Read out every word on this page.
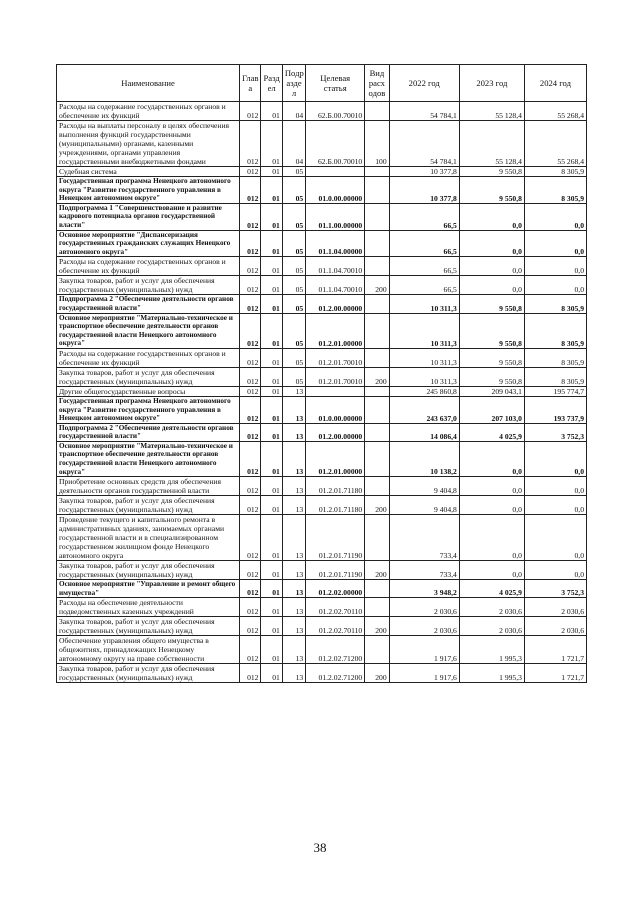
Наименование	Глав а	Разд ел	Подр азде л	Целевая статья	Вид расх одов	2022 год	2023 год	2024 год
Расходы на содержание государственных органов и обеспечение их функций	012	01	04	62.Б.00.70010		54 784,1	55 128,4	55 268,4
Расходы на выплаты персоналу в целях обеспечения выполнения функций государственными (муниципальными) органами, казенными учреждениями, органами управления государственными внебюджетными фондами	012	01	04	62.Б.00.70010	100	54 784,1	55 128,4	55 268,4
Судебная система	012	01	05			10 377,8	9 550,8	8 305,9
Государственная программа Ненецкого автономного округа "Развитие государственного управления в Ненецком автономном округе"	012	01	05	01.0.00.00000		10 377,8	9 550,8	8 305,9
Подпрограмма 1 "Совершенствование и развитие кадрового потенциала органов государственной власти"	012	01	05	01.1.00.00000		66,5	0,0	0,0
Основное мероприятие "Диспансеризация государственных гражданских служащих Ненецкого автономного округа"	012	01	05	01.1.04.00000		66,5	0,0	0,0
Расходы на содержание государственных органов и обеспечение их функций	012	01	05	01.1.04.70010		66,5	0,0	0,0
Закупка товаров, работ и услуг для обеспечения государственных (муниципальных) нужд	012	01	05	01.1.04.70010	200	66,5	0,0	0,0
Подпрограмма 2 "Обеспечение деятельности органов государственной власти"	012	01	05	01.2.00.00000		10 311,3	9 550,8	8 305,9
Основное мероприятие "Материально-техническое и транспортное обеспечение деятельности органов государственной власти Ненецкого автономного округа"	012	01	05	01.2.01.00000		10 311,3	9 550,8	8 305,9
Расходы на содержание государственных органов и обеспечение их функций	012	01	05	01.2.01.70010		10 311,3	9 550,8	8 305,9
Закупка товаров, работ и услуг для обеспечения государственных (муниципальных) нужд	012	01	05	01.2.01.70010	200	10 311,3	9 550,8	8 305,9
Другие общегосударственные вопросы	012	01	13			245 860,8	209 043,1	195 774,7
Государственная программа Ненецкого автономного округа "Развитие государственного управления в Ненецком автономном округе"	012	01	13	01.0.00.00000		243 637,0	207 103,0	193 737,9
Подпрограмма 2 "Обеспечение деятельности органов государственной власти"	012	01	13	01.2.00.00000		14 086,4	4 025,9	3 752,3
Основное мероприятие "Материально-техническое и транспортное обеспечение деятельности органов государственной власти Ненецкого автономного округа"	012	01	13	01.2.01.00000		10 138,2	0,0	0,0
Приобретение основных средств для обеспечения деятельности органов государственной власти	012	01	13	01.2.01.71180		9 404,8	0,0	0,0
Закупка товаров, работ и услуг для обеспечения государственных (муниципальных) нужд	012	01	13	01.2.01.71180	200	9 404,8	0,0	0,0
Проведение текущего и капитального ремонта в административных зданиях, занимаемых органами государственной власти и в специализированном государственном жилищном фонде Ненецкого автономного округа	012	01	13	01.2.01.71190		733,4	0,0	0,0
Закупка товаров, работ и услуг для обеспечения государственных (муниципальных) нужд	012	01	13	01.2.01.71190	200	733,4	0,0	0,0
Основное мероприятие "Управление и ремонт общего имущества"	012	01	13	01.2.02.00000		3 948,2	4 025,9	3 752,3
Расходы на обеспечение деятельности подведомственных казенных учреждений	012	01	13	01.2.02.70110		2 030,6	2 030,6	2 030,6
Закупка товаров, работ и услуг для обеспечения государственных (муниципальных) нужд	012	01	13	01.2.02.70110	200	2 030,6	2 030,6	2 030,6
Обеспечение управления общего имущества в общежитиях, принадлежащих Ненецкому автономному округу на праве собственности	012	01	13	01.2.02.71200		1 917,6	1 995,3	1 721,7
Закупка товаров, работ и услуг для обеспечения государственных (муниципальных) нужд	012	01	13	01.2.02.71200	200	1 917,6	1 995,3	1 721,7
38
